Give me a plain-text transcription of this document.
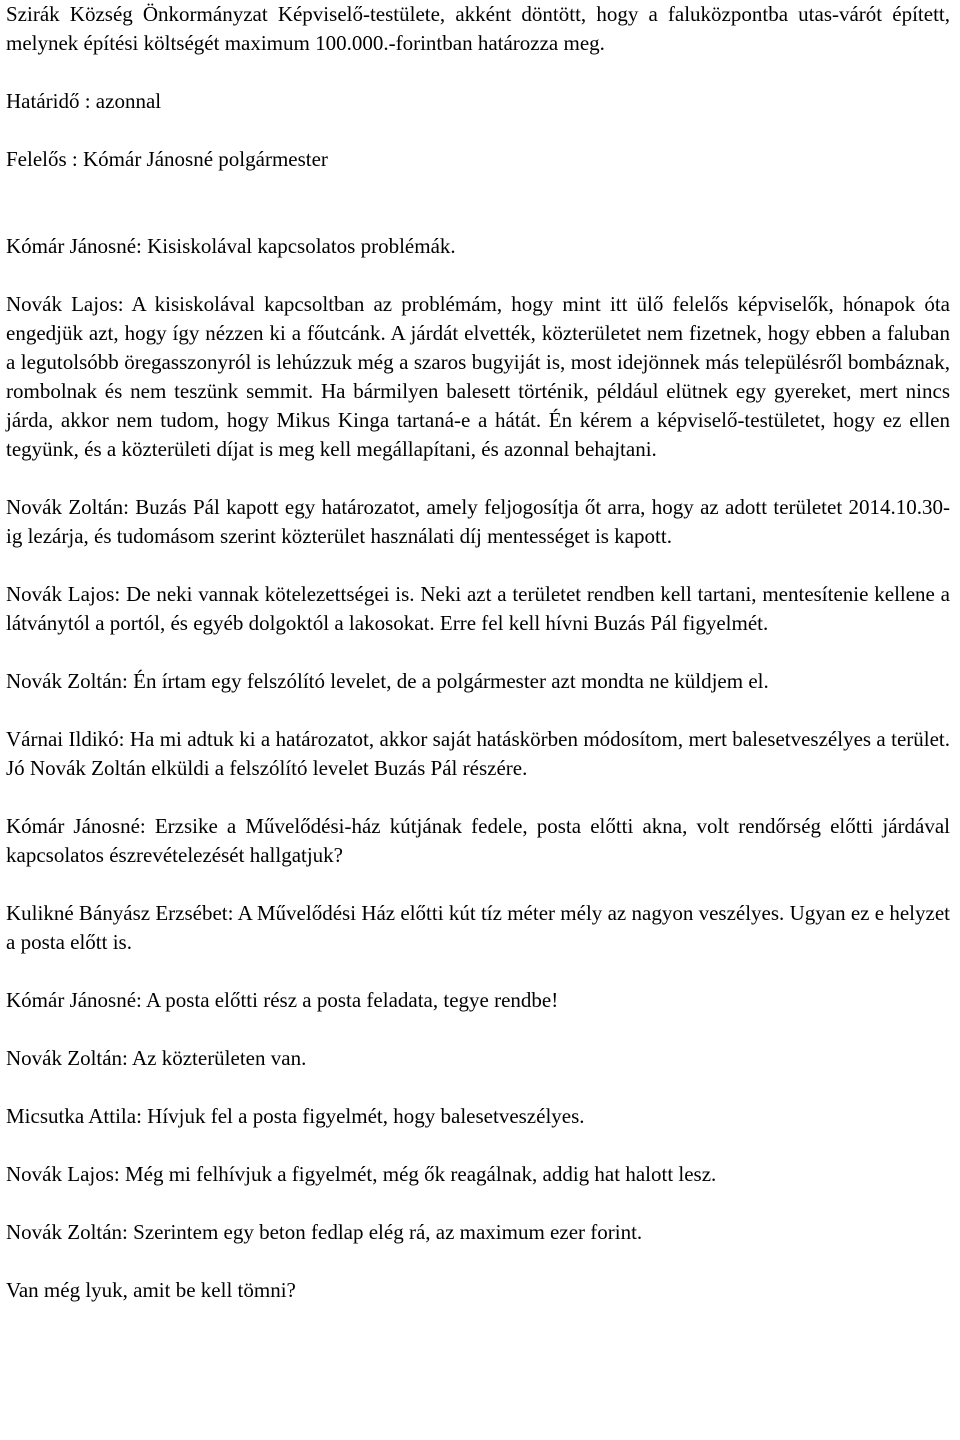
Szirák Község Önkormányzat Képviselő-testülete, akként döntött, hogy a faluközpontba utas-várót épített, melynek építési költségét maximum 100.000.-forintban határozza meg.

Határidő : azonnal

Felelős : Kómár Jánosné polgármester

Kómár Jánosné: Kisiskolával kapcsolatos problémák.

Novák Lajos: A kisiskolával kapcsoltban az problémám, hogy mint itt ülő felelős képviselők, hónapok óta engedjük azt, hogy így nézzen ki a főutcánk. A járdát elvették, közterületet nem fizetnek, hogy ebben a faluban a legutolsóbb öregasszonyról is lehúzzuk még a szaros bugyiját is, most idejönnek más településről bombáznak, rombolnak és nem teszünk semmit. Ha bármilyen balesett történik, például elütnek egy gyereket, mert nincs járda, akkor nem tudom, hogy Mikus Kinga tartaná-e a hátát. Én kérem a képviselő-testületet, hogy ez ellen tegyünk, és a közterületi díjat is meg kell megállapítani, és azonnal behajtani.

Novák Zoltán: Buzás Pál kapott egy határozatot, amely feljogosítja őt arra, hogy az adott területet 2014.10.30-ig lezárja, és tudomásom szerint közterület használati díj mentességet is kapott.

Novák Lajos: De neki vannak kötelezettségei is. Neki azt a területet rendben kell tartani, mentesítenie kellene a látványtól a portól, és egyéb dolgoktól a lakosokat. Erre fel kell hívni Buzás Pál figyelmét.

Novák Zoltán: Én írtam egy felszólító levelet, de a polgármester azt mondta ne küldjem el.

Várnai Ildikó: Ha mi adtuk ki a határozatot, akkor saját hatáskörben módosítom, mert balesetveszélyes a terület. Jó Novák Zoltán elküldi a felszólító levelet Buzás Pál részére.

Kómár Jánosné: Erzsike a Művelődési-ház kútjának fedele, posta előtti akna, volt rendőrség előtti járdával kapcsolatos észrevételezését hallgatjuk?

Kulikné Bányász Erzsébet: A Művelődési Ház előtti kút tíz méter mély az nagyon veszélyes. Ugyan ez e helyzet a posta előtt is.

Kómár Jánosné: A posta előtti rész a posta feladata, tegye rendbe!

Novák Zoltán: Az közterületen van.

Micsutka Attila: Hívjuk fel a posta figyelmét, hogy balesetveszélyes.

Novák Lajos: Még mi felhívjuk a figyelmét, még ők reagálnak, addig hat halott lesz.

Novák Zoltán: Szerintem egy beton fedlap elég rá, az maximum ezer forint.

Van még lyuk, amit be kell tömni?
